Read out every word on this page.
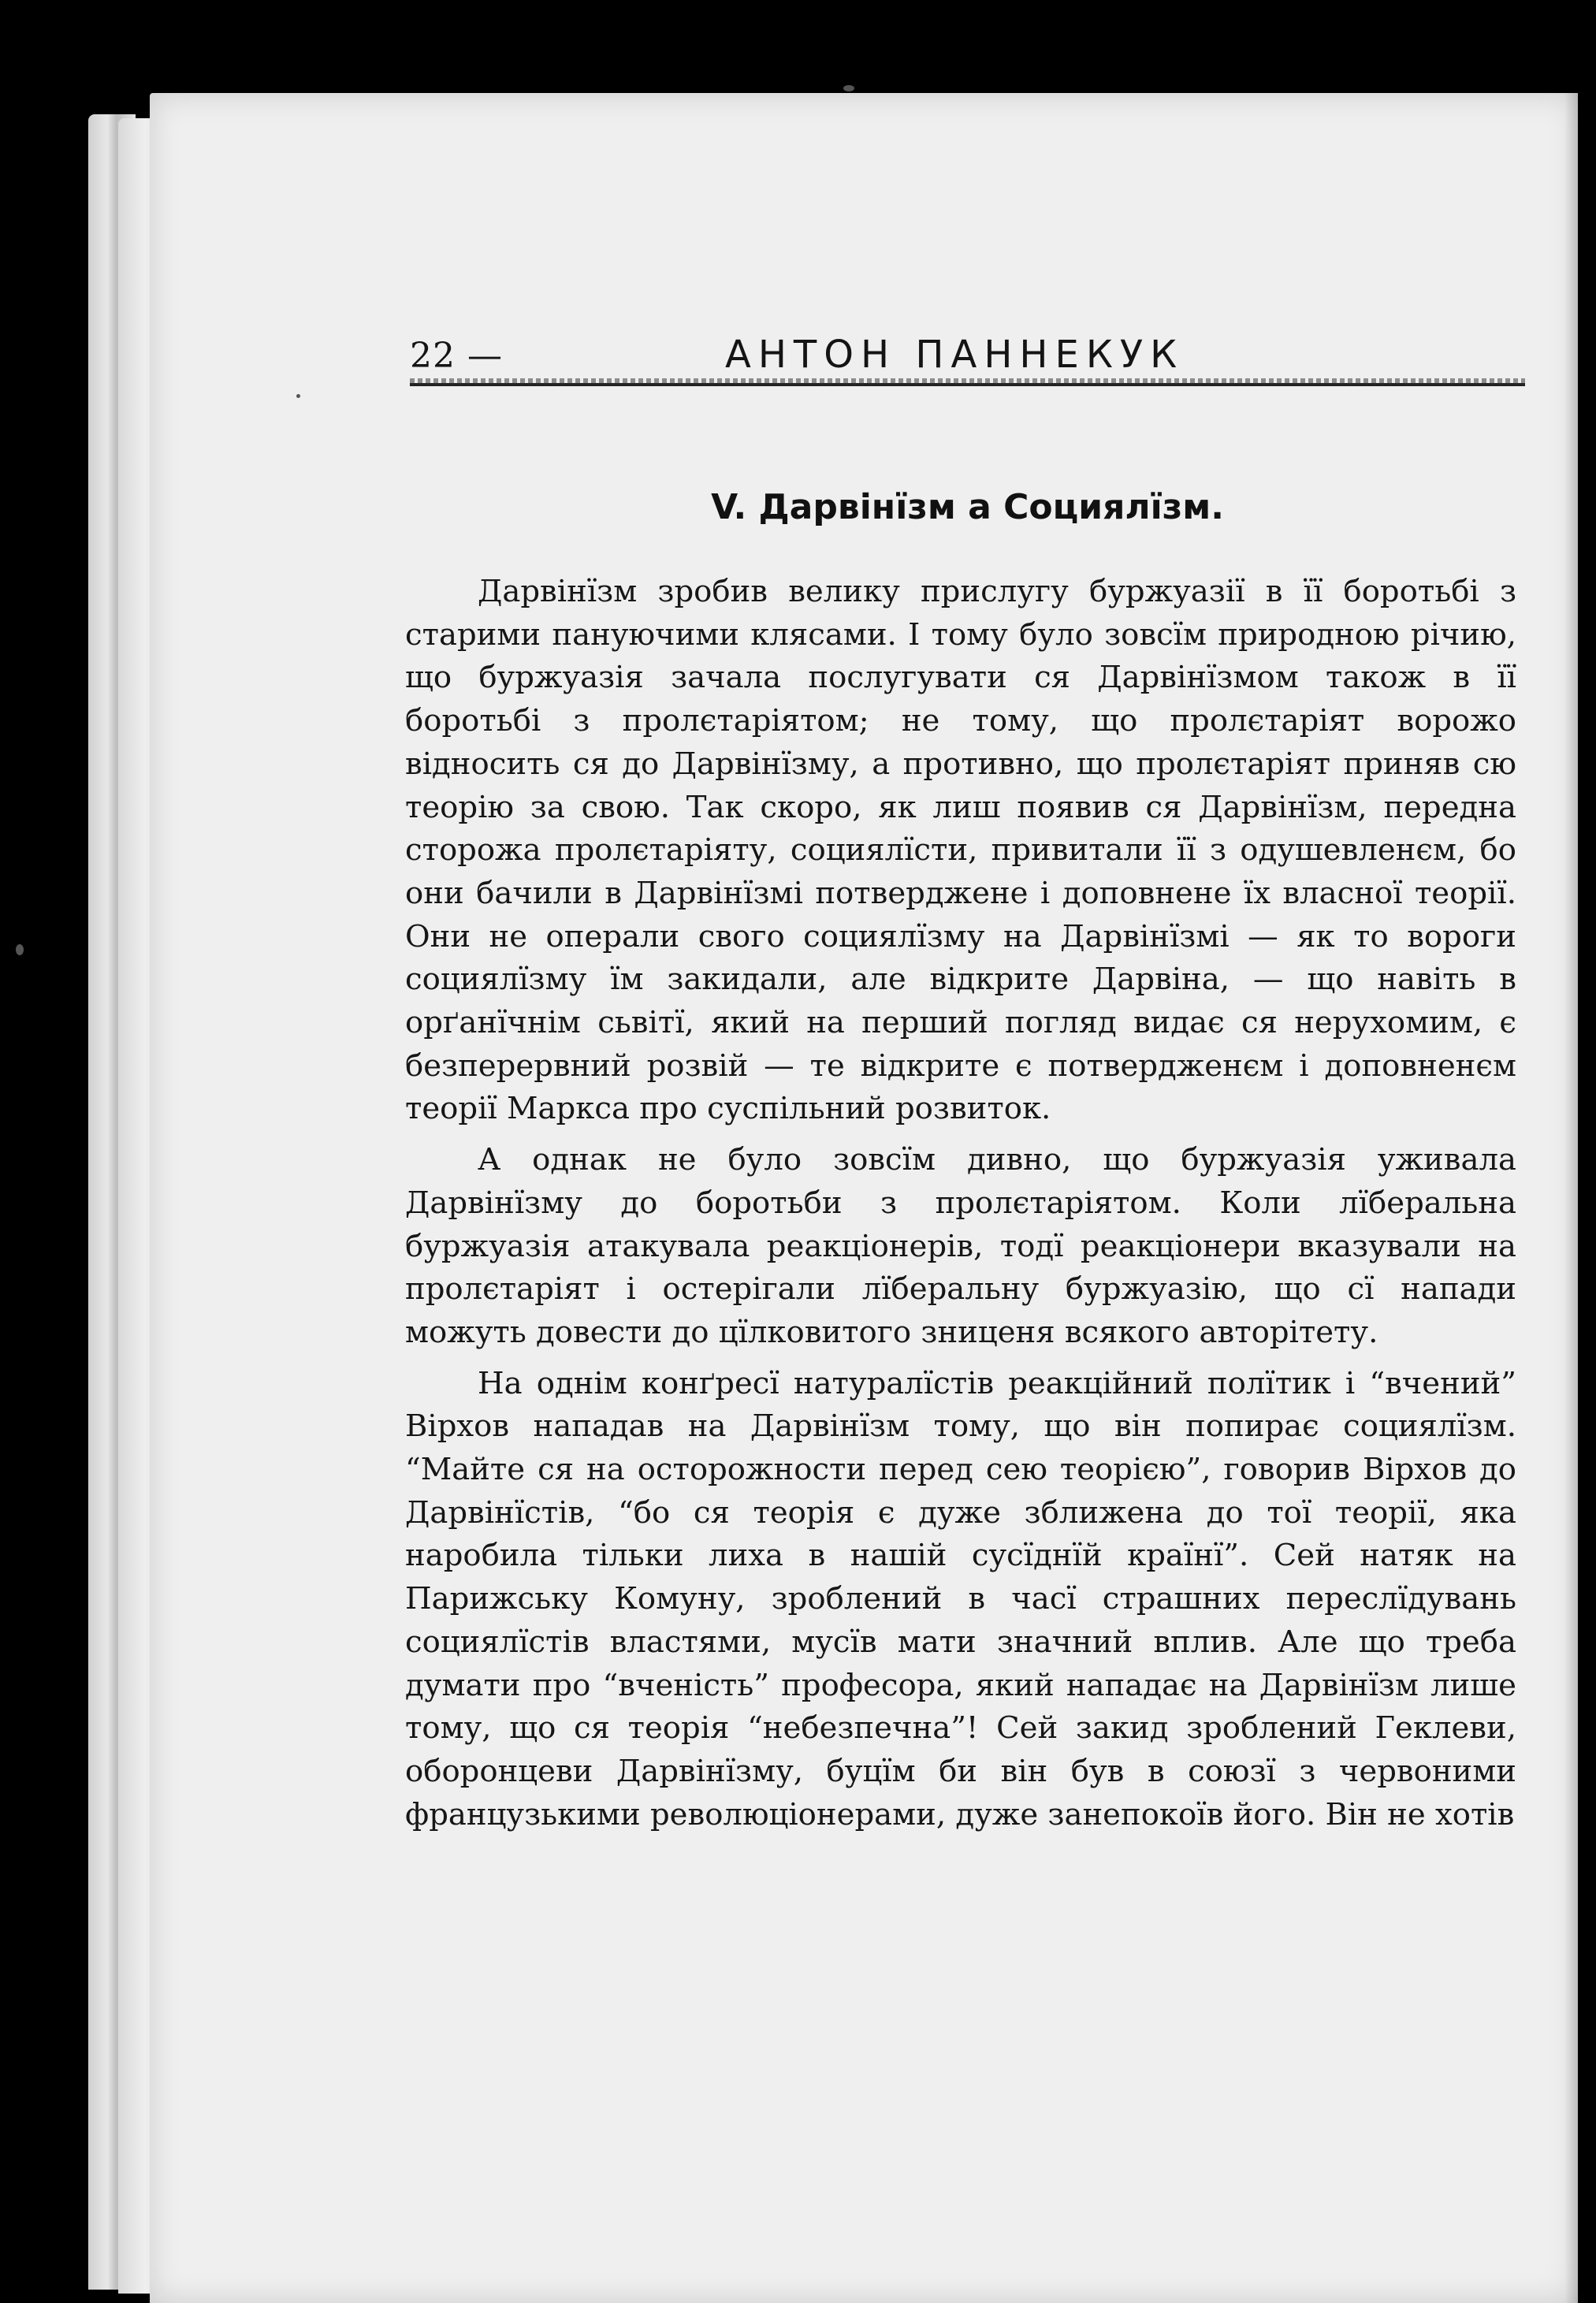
22 —	АНТОН ПАННЕКУК
V. Дарвінїзм а Социялїзм.

Дарвінїзм зробив велику прислугу буржуазії в її боротьбі з старими пануючими клясами. І тому було зовсїм природною річию, що буржуазія зачала послугувати ся Дарвінїзмом також в її боротьбі з пролєтаріятом; не тому, що пролєтаріят ворожо відносить ся до Дарвінїзму, а противно, що пролєтаріят приняв сю теорію за свою. Так скоро, як лиш появив ся Дарвінїзм, передна сторожа пролєтаріяту, социялїсти, привитали її з одушевленєм, бо они бачили в Дарвінїзмі потверджене і доповнене їх власної теорії. Они не операли свого социялїзму на Дарвінїзмі — як то вороги социялїзму їм закидали, але відкрите Дарвіна, — що навіть в орґанїчнім сьвітї, який на перший погляд видає ся нерухомим, є безперервний розвій — те відкрите є потвердженєм і доповненєм теорії Маркса про суспільний розвиток.

А однак не було зовсїм дивно, що буржуазія уживала Дарвінїзму до боротьби з пролєтаріятом. Коли лїберальна буржуазія атакувала реакціонерів, тодї реакціонери вказували на пролєтаріят і остерігали лїберальну буржуазію, що сї напади можуть довести до цїлковитого зниценя всякого авторітету.

На однім конґресї натуралїстів реакційний полїтик і “вчений” Вірхов нападав на Дарвінїзм тому, що він попирає социялїзм. “Майте ся на осторожности перед сею теорією”, говорив Вірхов до Дарвінїстів, “бо ся теорія є дуже зближена до тої теорії, яка наробила тільки лиха в нашій сусїднїй країнї”. Сей натяк на Парижську Комуну, зроблений в часї страшних переслїдувань социялїстів властями, мусїв мати значний вплив. Але що треба думати про “вченість” професора, який нападає на Дарвінїзм лише тому, що ся теорія “небезпечна”! Сей закид зроблений Геклеви, оборонцеви Дарвінїзму, буцїм би він був в союзї з червоними французькими революціонерами, дуже занепокоїв його. Він не хотів
